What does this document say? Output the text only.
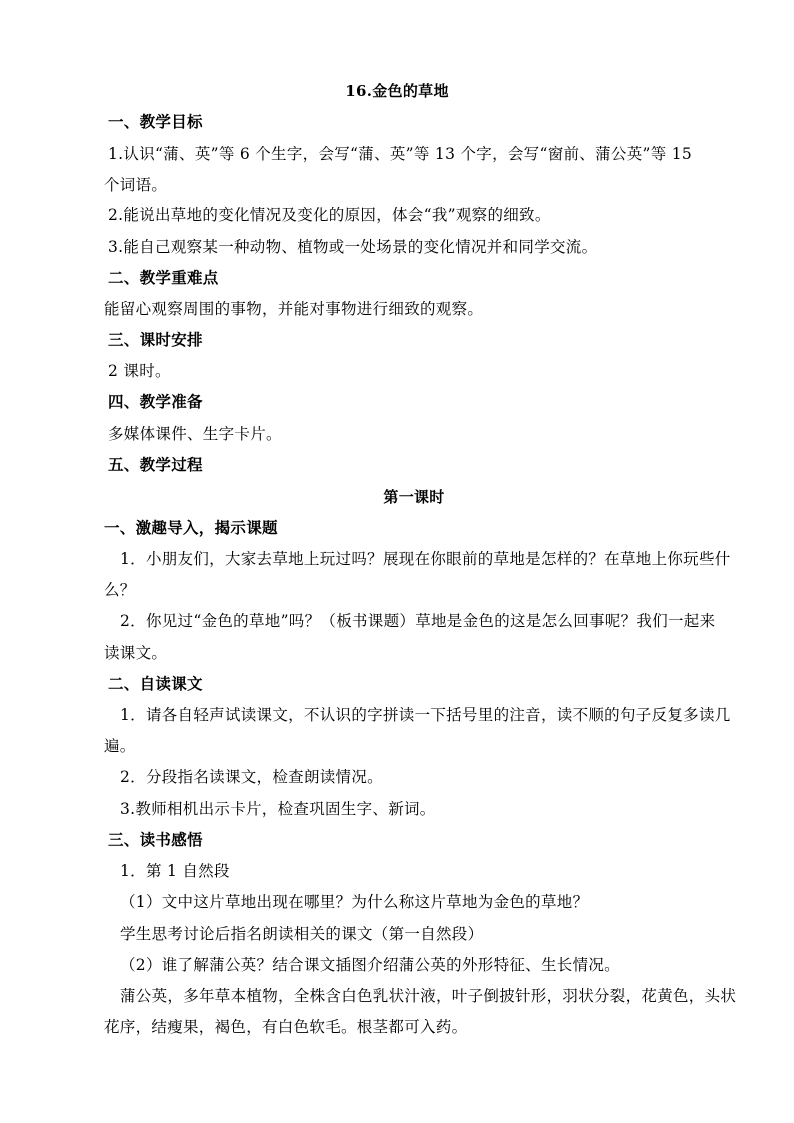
16.金色的草地
一、教学目标
1.认识“蒲、英”等 6 个生字，会写“蒲、英”等 13 个字，会写“窗前、蒲公英”等 15
个词语。
2.能说出草地的变化情况及变化的原因，体会“我”观察的细致。
3.能自己观察某一种动物、植物或一处场景的变化情况并和同学交流。
二、教学重难点
能留心观察周围的事物，并能对事物进行细致的观察。
三、课时安排
2 课时。
四、教学准备
多媒体课件、生字卡片。
五、教学过程
第一课时
一、激趣导入，揭示课题
1．小朋友们，大家去草地上玩过吗？展现在你眼前的草地是怎样的？在草地上你玩些什
么？
2．你见过“金色的草地”吗？（板书课题）草地是金色的这是怎么回事呢？我们一起来
读课文。
二、自读课文
1．请各自轻声试读课文，不认识的字拼读一下括号里的注音，读不顺的句子反复多读几
遍。
2．分段指名读课文，检查朗读情况。
3.教师相机出示卡片，检查巩固生字、新词。
三、读书感悟
1．第 1 自然段
（1）文中这片草地出现在哪里？为什么称这片草地为金色的草地？
学生思考讨论后指名朗读相关的课文（第一自然段）
（2）谁了解蒲公英？结合课文插图介绍蒲公英的外形特征、生长情况。
蒲公英，多年草本植物，全株含白色乳状汁液，叶子倒披针形，羽状分裂，花黄色，头状
花序，结瘦果，褐色，有白色软毛。根茎都可入药。
